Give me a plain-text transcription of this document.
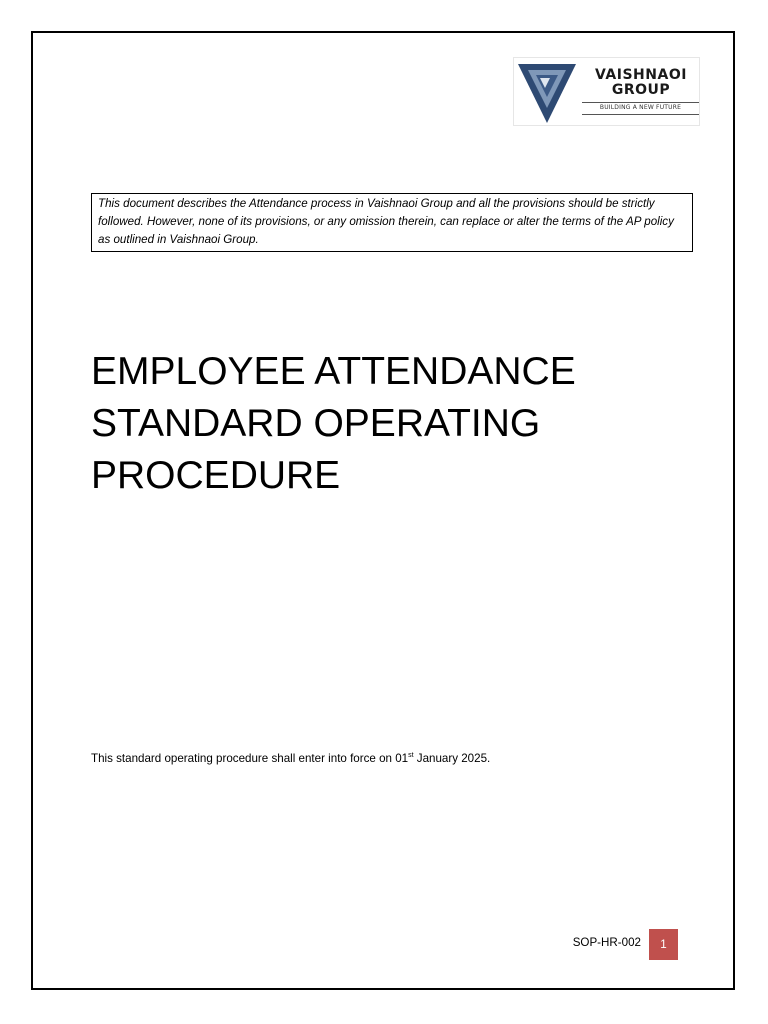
VAISHNAOI
GROUP
BUILDING A NEW FUTURE
This document describes the Attendance process in Vaishnaoi Group and all the provisions should be strictly followed. However, none of its provisions, or any omission therein, can replace or alter the terms of the AP policy as outlined in Vaishnaoi Group.
EMPLOYEE ATTENDANCE
STANDARD OPERATING
PROCEDURE
This standard operating procedure shall enter into force on 01st January 2025.
SOP-HR-002	1
